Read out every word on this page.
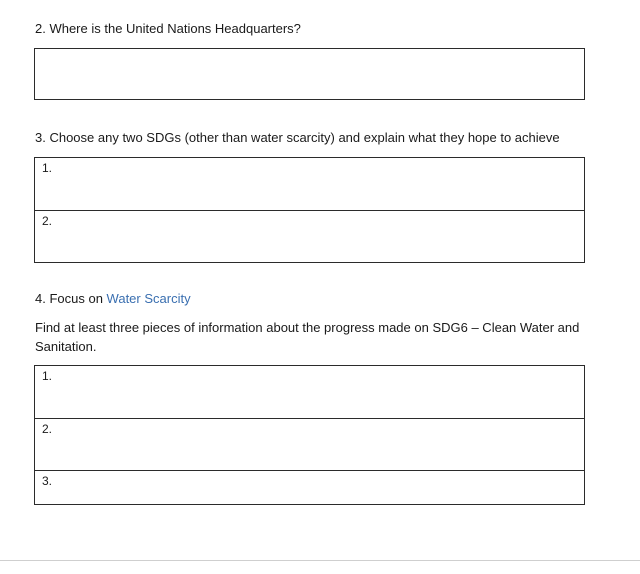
2. Where is the United Nations Headquarters?
3. Choose any two SDGs (other than water scarcity) and explain what they hope to achieve
1.
2.
4. Focus on Water Scarcity
Find at least three pieces of information about the progress made on SDG6 – Clean Water and Sanitation.
1.
2.
3.
